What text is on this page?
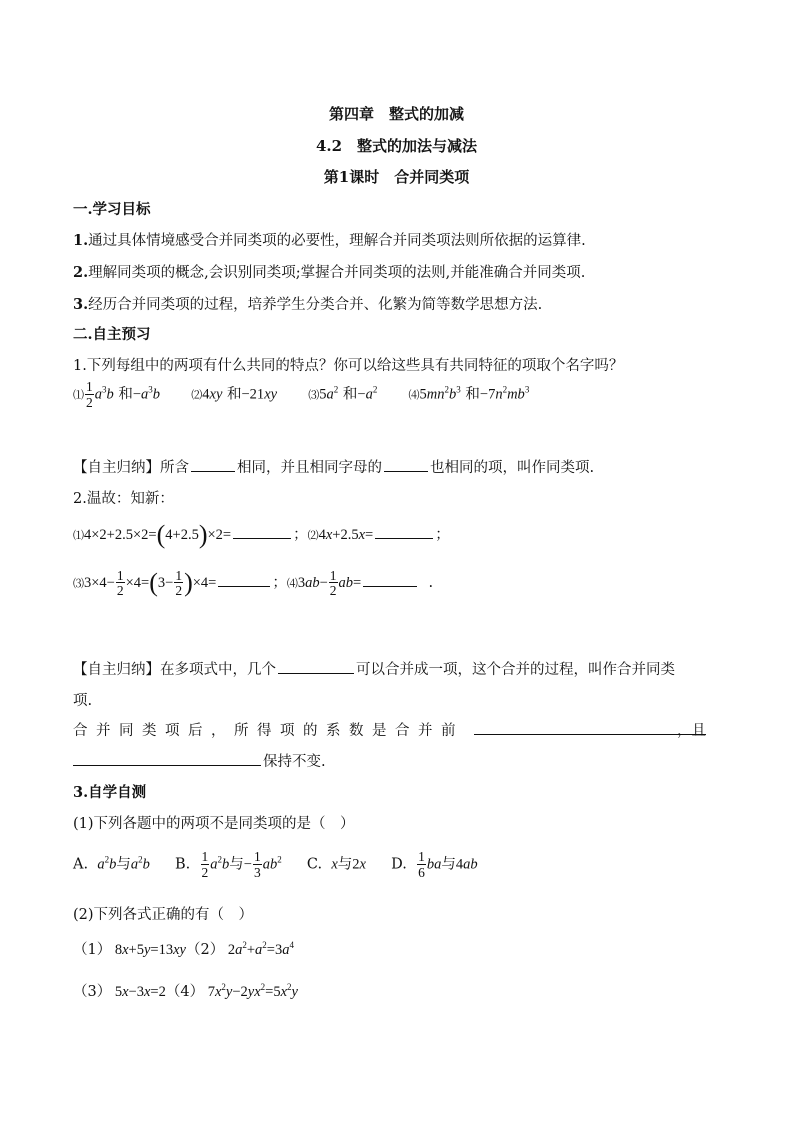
第四章　整式的加减
4.2　整式的加法与减法
第1课时　合并同类项
一.学习目标
1.通过具体情境感受合并同类项的必要性，理解合并同类项法则所依据的运算律.
2.理解同类项的概念,会识别同类项;掌握合并同类项的法则,并能准确合并同类项.
3.经历合并同类项的过程，培养学生分类合并、化繁为简等数学思想方法.
二.自主预习
1.下列每组中的两项有什么共同的特点？你可以给这些具有共同特征的项取个名字吗？
⑴ $\frac{1}{2} a^3b$ 和$-a^3b$	⑵4xy 和−21xy	$⑶5a^2$ 和$-a^2$	$⑷5mn^2b^3$ 和$-7n^2mb^3$
【自主归纳】所含	相同，并且相同字母的	也相同的项，叫作同类项.
2.温故：知新：
⑴4×2+2.5×2=(4+2.5)×2=	；⑵4x+2.5x=	；
⑶3×4− $\frac{1}{2} \times 4=(3- \frac{1}{2} )\times 4=$	；⑷3ab− $\frac{1}{2} ab=$	.
【自主归纳】在多项式中，几个	可以合并成一项，这个合并的过程，叫作合并同类
项.
合并同类项后，所得项的系数是合并前	，且
保持不变.
3.自学自测
(1)下列各题中的两项不是同类项的是（　）
A. $a^2b$与$a^2b$ B. $\frac{1}{2} a^2b$与− $\frac{1}{3} ab^2$ C. x与2x D. $\frac{1}{6}$ ba与4ab
(2)下列各式正确的有（　）
（1） 8x+5y=13xy（2） $2a^2+a^2=3a^4$
（3） 5x−3x=2（4） $7x^2y-2yx^2=5x^2y$
